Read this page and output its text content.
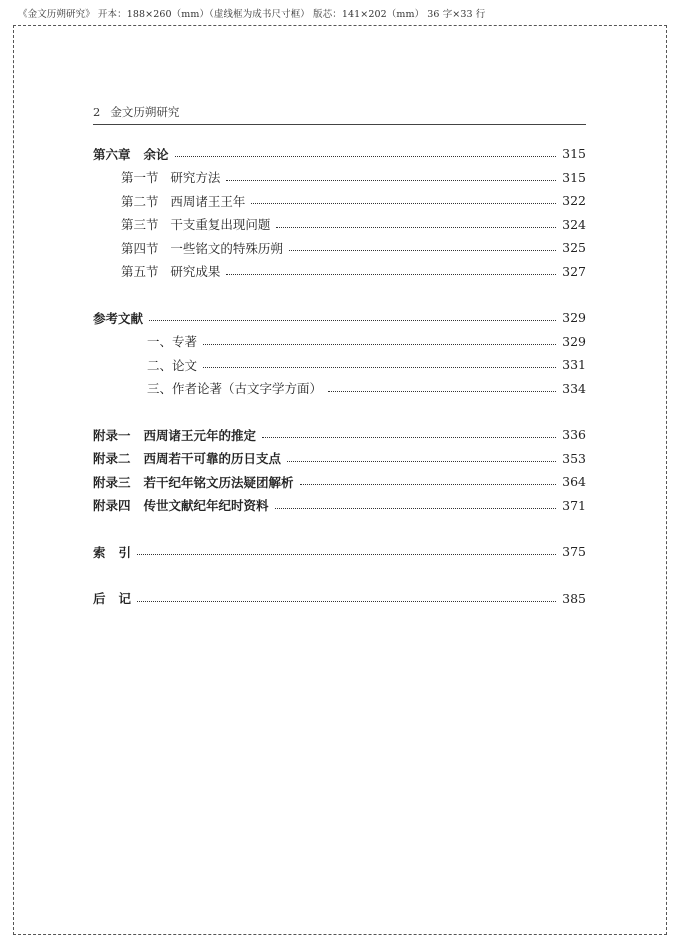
《金文历朔研究》 开本：188×260（mm）（虚线框为成书尺寸框） 版芯：141×202（mm） 36 字×33 行
2 金文历朔研究
第六章   余论	315
第一节   研究方法	315
第二节   西周诸王王年	322
第三节   干支重复出现问题	324
第四节   一些铭文的特殊历朔	325
第五节   研究成果	327
参考文献	329
一、专著	329
二、论文	331
三、作者论著（古文字学方面）	334
附录一   西周诸王元年的推定	336
附录二   西周若干可靠的历日支点	353
附录三   若干纪年铭文历法疑团解析	364
附录四   传世文献纪年纪时资料	371
索   引	375
后   记	385
